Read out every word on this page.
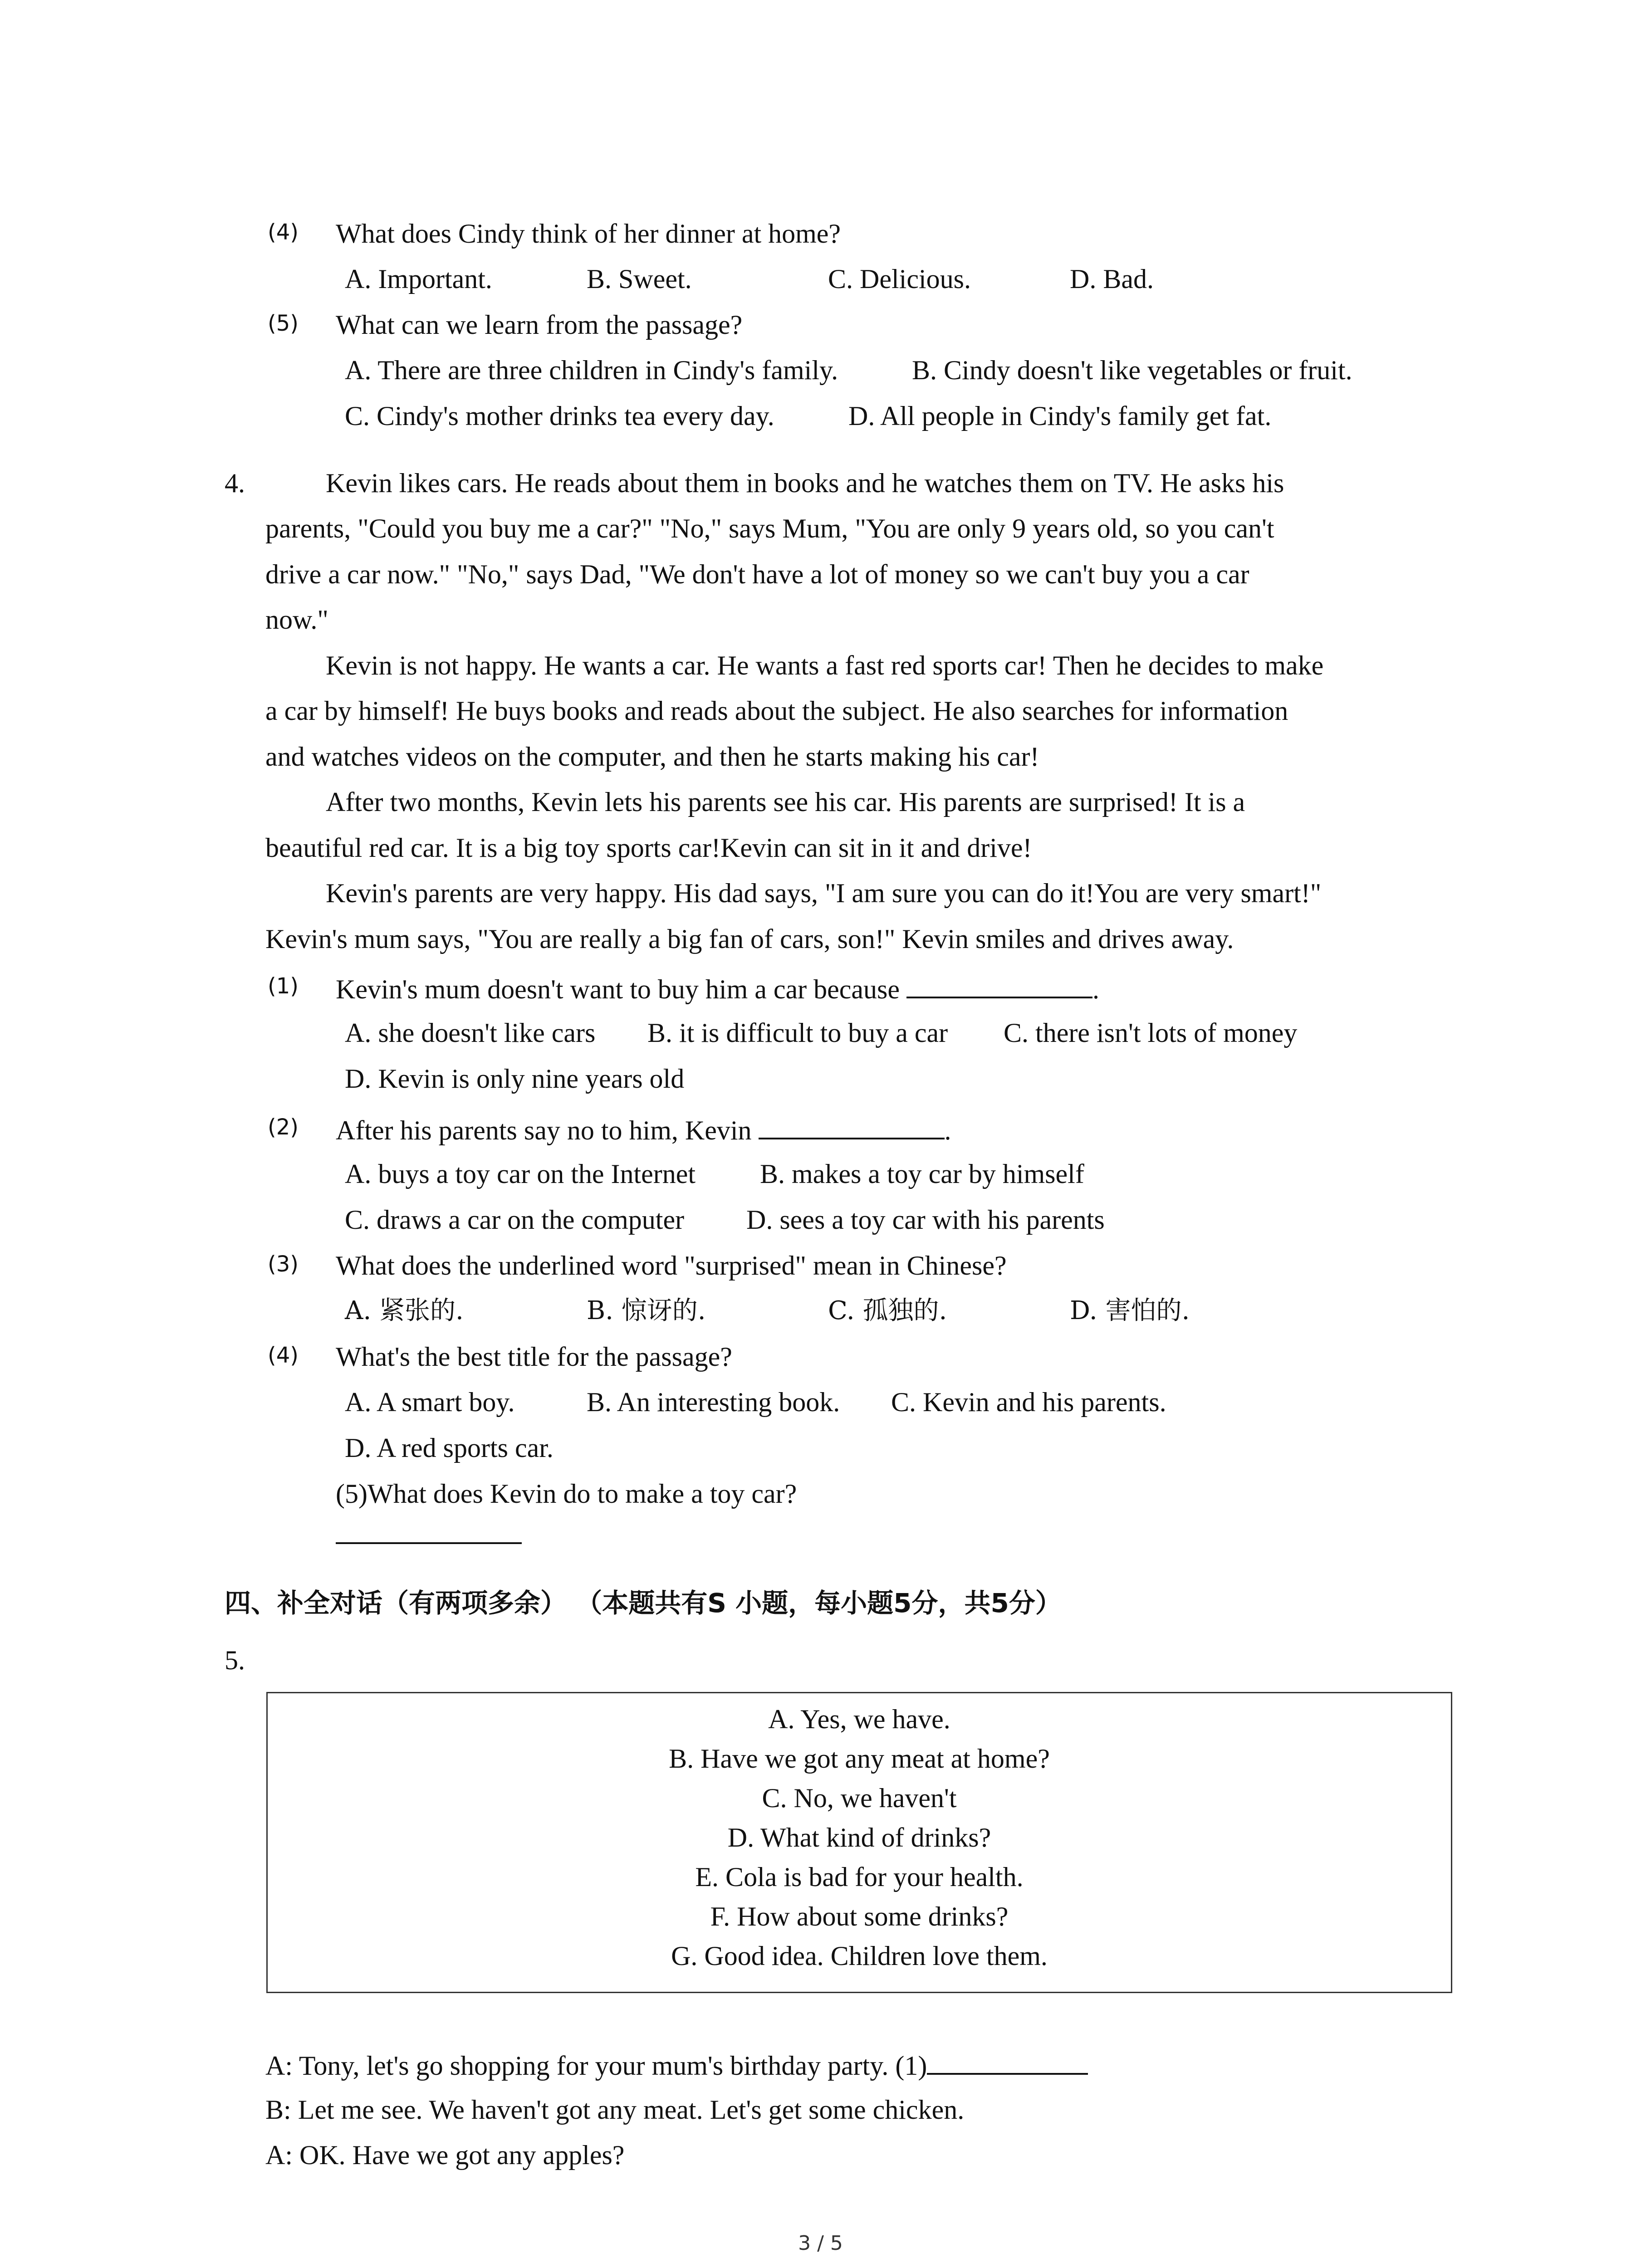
(4) What does Cindy think of her dinner at home?
A. Important.	B. Sweet.	C. Delicious.	D. Bad.
(5) What can we learn from the passage?
A. There are three children in Cindy's family.	B. Cindy doesn't like vegetables or fruit.
C. Cindy's mother drinks tea every day.	D. All people in Cindy's family get fat.
4.	Kevin likes cars. He reads about them in books and he watches them on TV. He asks his
parents, "Could you buy me a car?" "No," says Mum, "You are only 9 years old, so you can't
drive a car now." "No," says Dad, "We don't have a lot of money so we can't buy you a car
now."
Kevin is not happy. He wants a car. He wants a fast red sports car! Then he decides to make
a car by himself! He buys books and reads about the subject. He also searches for information
and watches videos on the computer, and then he starts making his car!
After two months, Kevin lets his parents see his car. His parents are surprised! It is a
beautiful red car. It is a big toy sports car!Kevin can sit in it and drive!
Kevin's parents are very happy. His dad says, "I am sure you can do it!You are very smart!"
Kevin's mum says, "You are really a big fan of cars, son!" Kevin smiles and drives away.
(1) Kevin's mum doesn't want to buy him a car because	.
A. she doesn't like cars B. it is difficult to buy a car C. there isn't lots of money
D. Kevin is only nine years old
(2) After his parents say no to him, Kevin	.
A. buys a toy car on the Internet B. makes a toy car by himself
C. draws a car on the computer D. sees a toy car with his parents
(3) What does the underlined word "surprised" mean in Chinese?
A. 紧张的.	B. 惊讶的.	C. 孤独的.	D. 害怕的.
(4) What's the best title for the passage?
A. A smart boy.	B. An interesting book. C. Kevin and his parents.
D. A red sports car.
(5)What does Kevin do to make a toy car?
四、补全对话（有两项多余） （本题共有S 小题，每小题5分，共5分）
5.
A. Yes, we have.
B. Have we got any meat at home?
C. No, we haven't
D. What kind of drinks?
E. Cola is bad for your health.
F. How about some drinks?
G. Good idea. Children love them.
A: Tony, let's go shopping for your mum's birthday party. (1)
B: Let me see. We haven't got any meat. Let's get some chicken.
A: OK. Have we got any apples?
3 / 5
